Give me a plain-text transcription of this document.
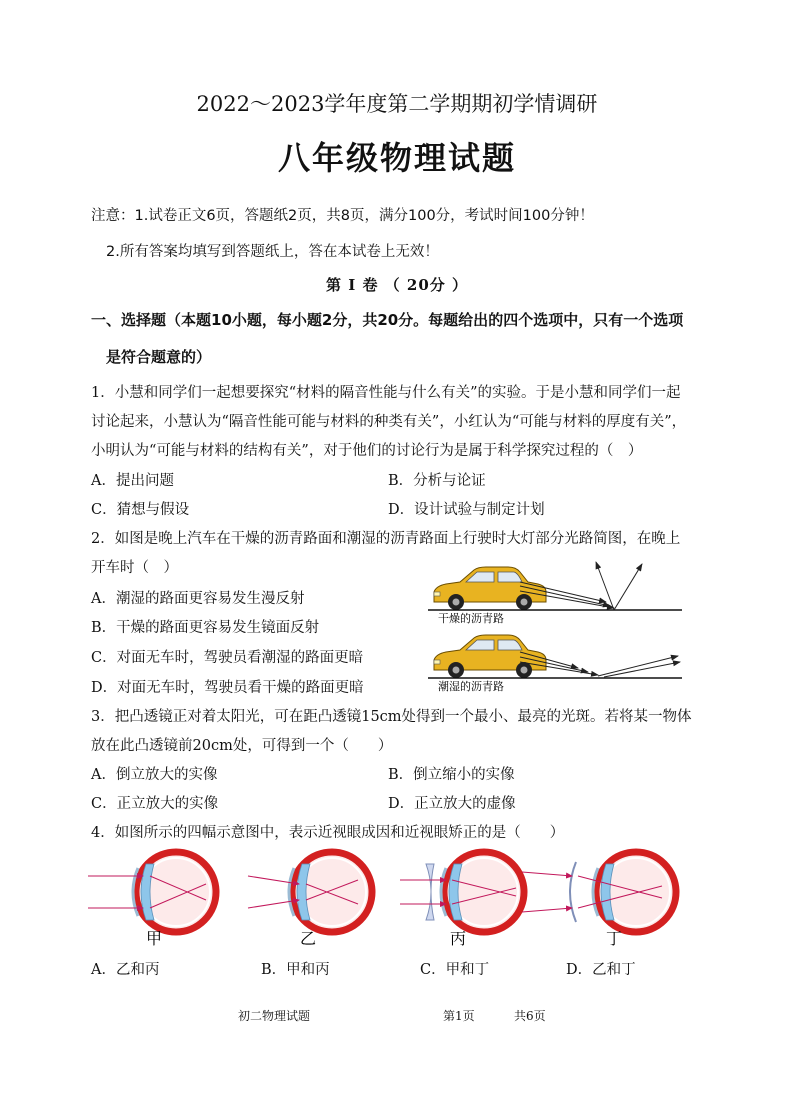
2022～2023学年度第二学期期初学情调研
八年级物理试题
注意：1.试卷正文6页，答题纸2页，共8页，满分100分，考试时间100分钟！
2.所有答案均填写到答题纸上，答在本试卷上无效！
第 Ⅰ 卷 （ 20分 ）
一、选择题（本题10小题，每小题2分，共20分。每题给出的四个选项中，只有一个选项
是符合题意的）
1．小慧和同学们一起想要探究“材料的隔音性能与什么有关”的实验。于是小慧和同学们一起
讨论起来，小慧认为“隔音性能可能与材料的种类有关”，小红认为“可能与材料的厚度有关”，
小明认为“可能与材料的结构有关”，对于他们的讨论行为是属于科学探究过程的（　）
A．提出问题	B．分析与论证
C．猜想与假设	D．设计试验与制定计划
2．如图是晚上汽车在干燥的沥青路面和潮湿的沥青路面上行驶时大灯部分光路简图，在晚上
开车时（　）
A．潮湿的路面更容易发生漫反射
B．干燥的路面更容易发生镜面反射
C．对面无车时，驾驶员看潮湿的路面更暗
D．对面无车时，驾驶员看干燥的路面更暗
干燥的沥青路
潮湿的沥青路
3．把凸透镜正对着太阳光，可在距凸透镜15cm处得到一个最小、最亮的光斑。若将某一物体
放在此凸透镜前20cm处，可得到一个（　　）
A．倒立放大的实像	B．倒立缩小的实像
C．正立放大的实像	D．正立放大的虚像
4．如图所示的四幅示意图中，表示近视眼成因和近视眼矫正的是（　　）
甲	乙	丙	丁
A．乙和丙	B．甲和丙	C．甲和丁	D．乙和丁
初二物理试题	第1页	共6页
